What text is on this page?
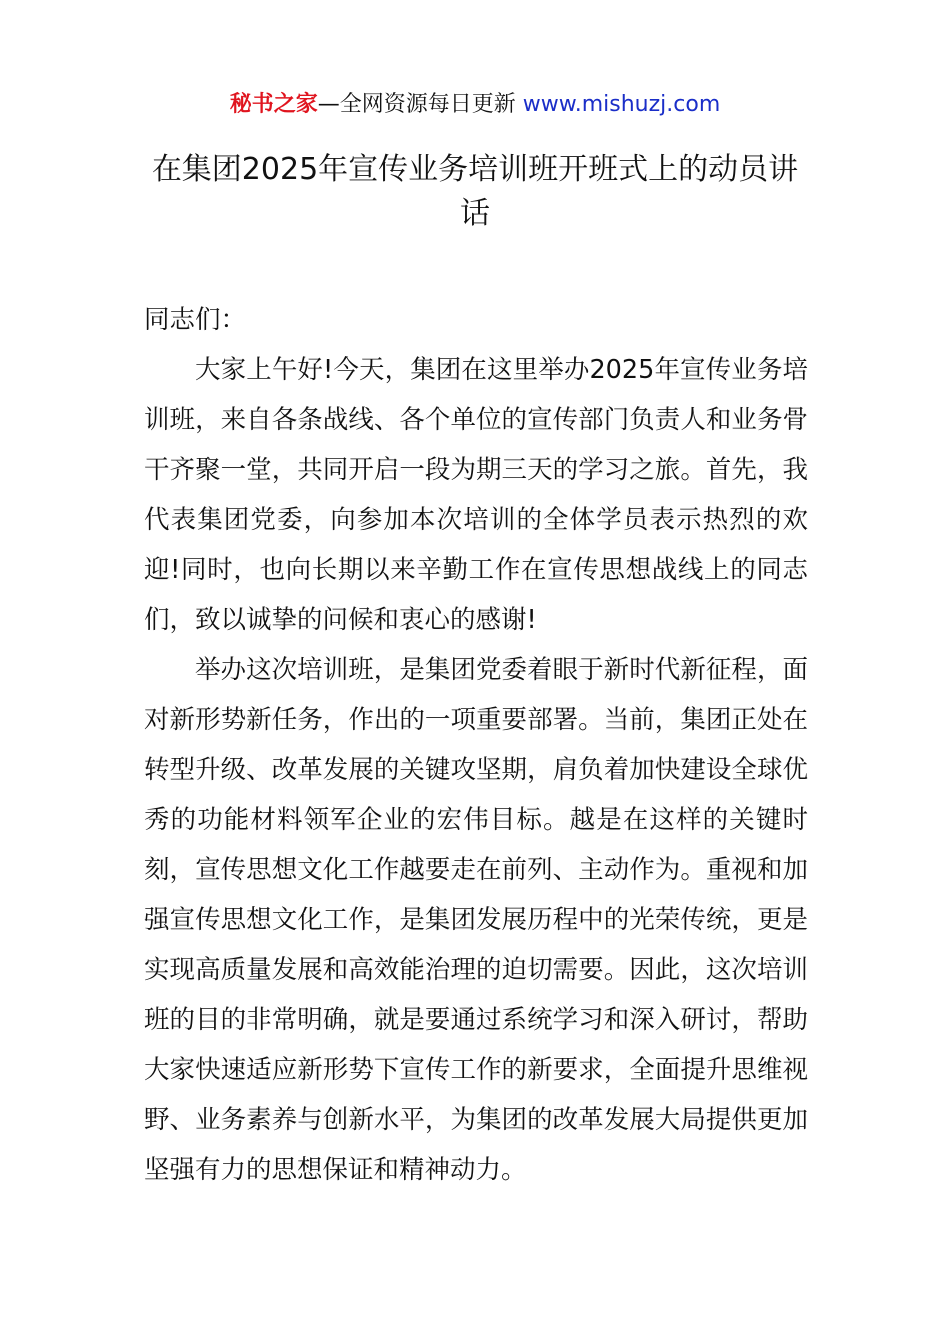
秘书之家—全网资源每日更新 www.mishuzj.com
在集团2025年宣传业务培训班开班式上的动员讲话

同志们：

大家上午好!今天，集团在这里举办2025年宣传业务培训班，来自各条战线、各个单位的宣传部门负责人和业务骨干齐聚一堂，共同开启一段为期三天的学习之旅。首先，我代表集团党委，向参加本次培训的全体学员表示热烈的欢迎!同时，也向长期以来辛勤工作在宣传思想战线上的同志们，致以诚挚的问候和衷心的感谢!

举办这次培训班，是集团党委着眼于新时代新征程，面对新形势新任务，作出的一项重要部署。当前，集团正处在转型升级、改革发展的关键攻坚期，肩负着加快建设全球优秀的功能材料领军企业的宏伟目标。越是在这样的关键时刻，宣传思想文化工作越要走在前列、主动作为。重视和加强宣传思想文化工作，是集团发展历程中的光荣传统，更是实现高质量发展和高效能治理的迫切需要。因此，这次培训班的目的非常明确，就是要通过系统学习和深入研讨，帮助大家快速适应新形势下宣传工作的新要求，全面提升思维视野、业务素养与创新水平，为集团的改革发展大局提供更加坚强有力的思想保证和精神动力。
